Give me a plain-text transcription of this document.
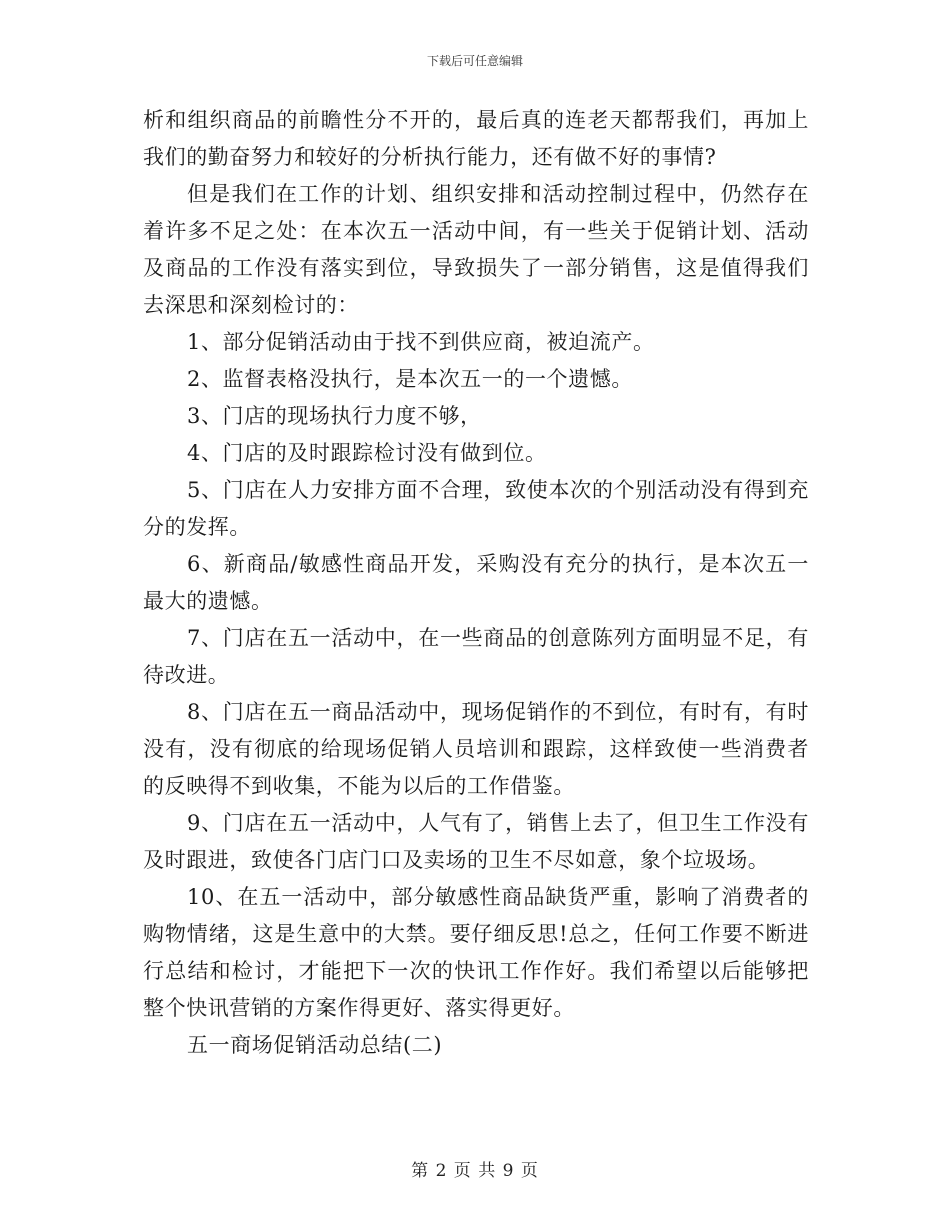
下载后可任意编辑

析和组织商品的前瞻性分不开的，最后真的连老天都帮我们，再加上我们的勤奋努力和较好的分析执行能力，还有做不好的事情?

但是我们在工作的计划、组织安排和活动控制过程中，仍然存在着许多不足之处：在本次五一活动中间，有一些关于促销计划、活动及商品的工作没有落实到位，导致损失了一部分销售，这是值得我们去深思和深刻检讨的：

1、部分促销活动由于找不到供应商，被迫流产。

2、监督表格没执行，是本次五一的一个遗憾。

3、门店的现场执行力度不够，

4、门店的及时跟踪检讨没有做到位。

5、门店在人力安排方面不合理，致使本次的个别活动没有得到充分的发挥。

6、新商品/敏感性商品开发，采购没有充分的执行，是本次五一最大的遗憾。

7、门店在五一活动中，在一些商品的创意陈列方面明显不足，有待改进。

8、门店在五一商品活动中，现场促销作的不到位，有时有，有时没有，没有彻底的给现场促销人员培训和跟踪，这样致使一些消费者的反映得不到收集，不能为以后的工作借鉴。

9、门店在五一活动中，人气有了，销售上去了，但卫生工作没有及时跟进，致使各门店门口及卖场的卫生不尽如意，象个垃圾场。

10、在五一活动中，部分敏感性商品缺货严重，影响了消费者的购物情绪，这是生意中的大禁。要仔细反思!总之，任何工作要不断进行总结和检讨，才能把下一次的快讯工作作好。我们希望以后能够把整个快讯营销的方案作得更好、落实得更好。

五一商场促销活动总结(二)

第 2 页 共 9 页
